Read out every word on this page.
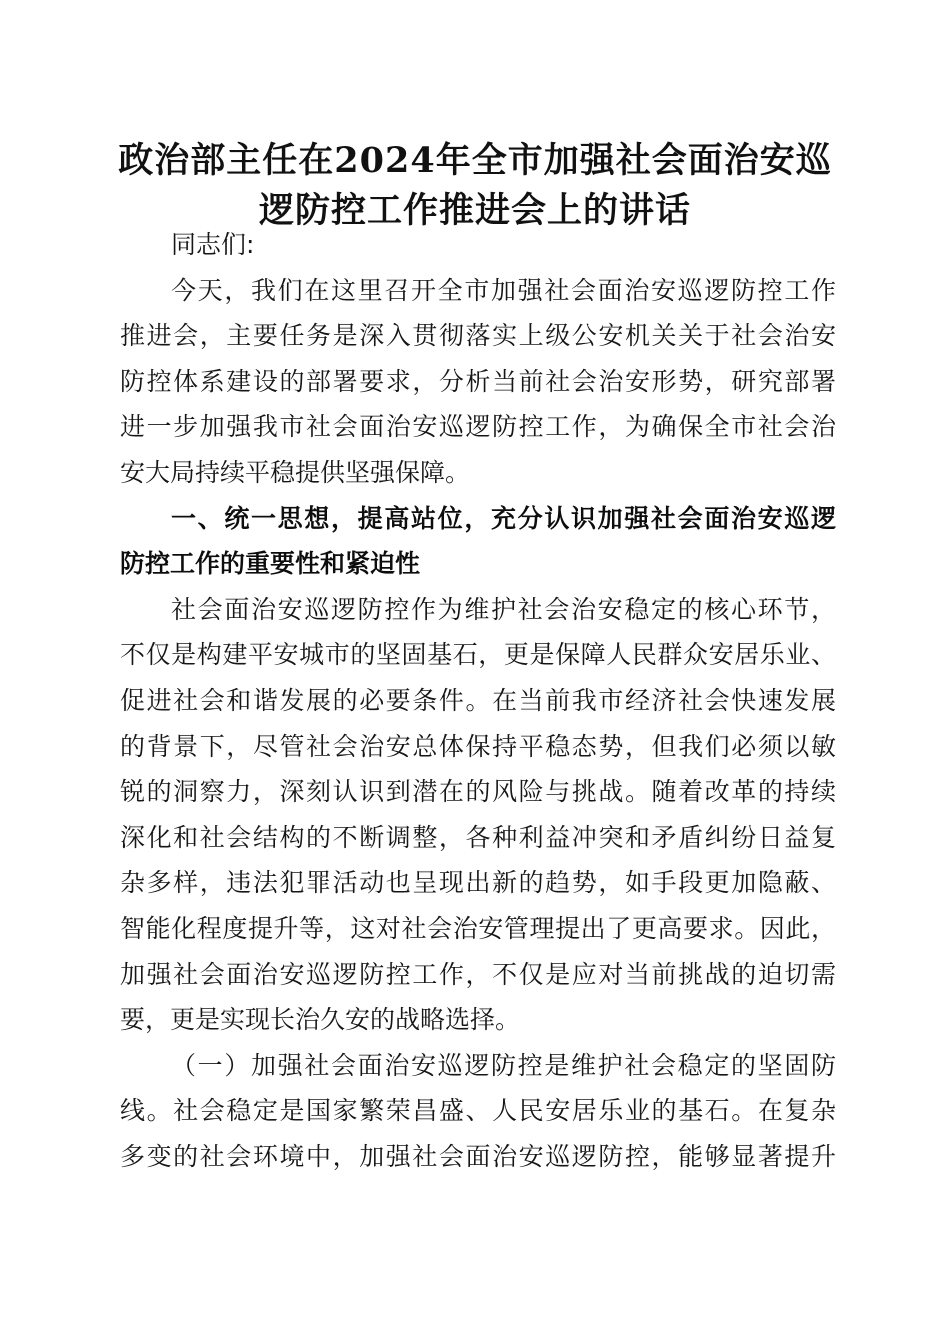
政治部主任在2024年全市加强社会面治安巡
逻防控工作推进会上的讲话
同志们:
今天，我们在这里召开全市加强社会面治安巡逻防控工作
推进会，主要任务是深入贯彻落实上级公安机关关于社会治安
防控体系建设的部署要求，分析当前社会治安形势，研究部署
进一步加强我市社会面治安巡逻防控工作，为确保全市社会治
安大局持续平稳提供坚强保障。
一、统一思想，提高站位，充分认识加强社会面治安巡逻
防控工作的重要性和紧迫性
社会面治安巡逻防控作为维护社会治安稳定的核心环节，
不仅是构建平安城市的坚固基石，更是保障人民群众安居乐业、
促进社会和谐发展的必要条件。在当前我市经济社会快速发展
的背景下，尽管社会治安总体保持平稳态势，但我们必须以敏
锐的洞察力，深刻认识到潜在的风险与挑战。随着改革的持续
深化和社会结构的不断调整，各种利益冲突和矛盾纠纷日益复
杂多样，违法犯罪活动也呈现出新的趋势，如手段更加隐蔽、
智能化程度提升等，这对社会治安管理提出了更高要求。因此，
加强社会面治安巡逻防控工作，不仅是应对当前挑战的迫切需
要，更是实现长治久安的战略选择。
（一）加强社会面治安巡逻防控是维护社会稳定的坚固防
线。社会稳定是国家繁荣昌盛、人民安居乐业的基石。在复杂
多变的社会环境中，加强社会面治安巡逻防控，能够显著提升
